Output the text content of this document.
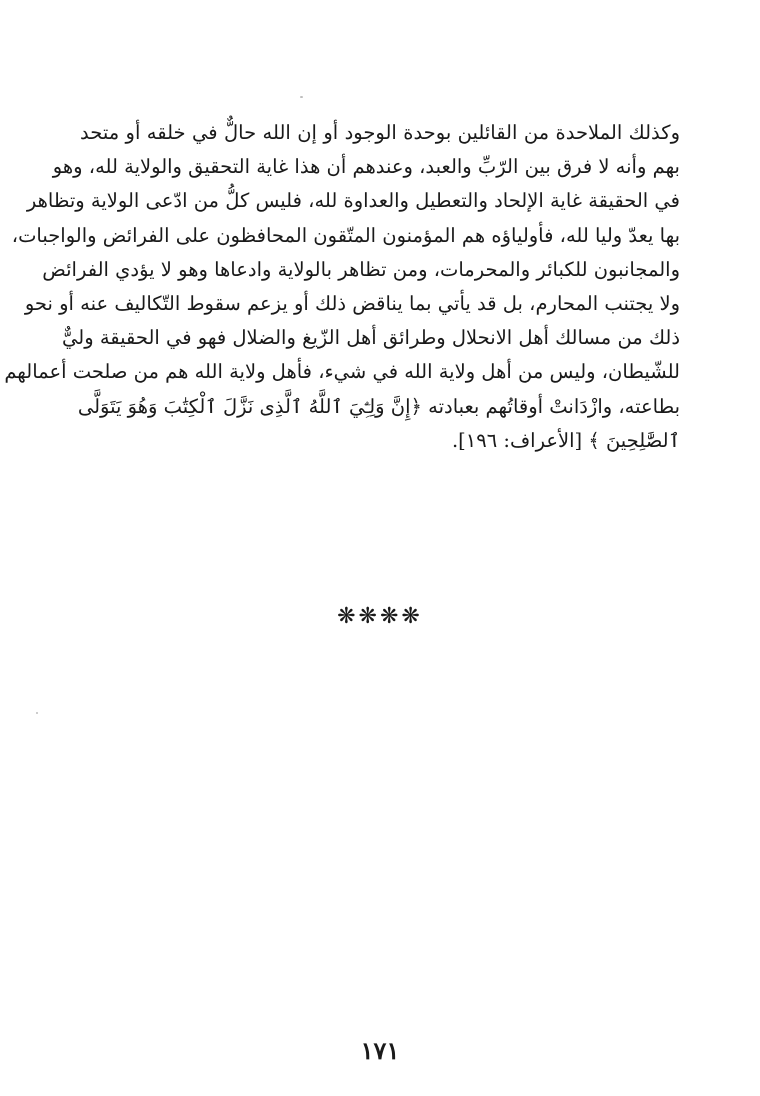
وكذلك الملاحدة من القائلين بوحدة الوجود أو إن الله حالٌّ في خلقه أو متحد
بهم وأنه لا فرق بين الرّبِّ والعبد، وعندهم أن هذا غاية التحقيق والولاية لله، وهو
في الحقيقة غاية الإلحاد والتعطيل والعداوة لله، فليس كلُّ من ادّعى الولاية وتظاهر
بها يعدّ وليا لله، فأولياؤه هم المؤمنون المتّقون المحافظون على الفرائض والواجبات،
والمجانبون للكبائر والمحرمات، ومن تظاهر بالولاية وادعاها وهو لا يؤدي الفرائض
ولا يجتنب المحارم، بل قد يأتي بما يناقض ذلك أو يزعم سقوط التّكاليف عنه أو نحو
ذلك من مسالك أهل الانحلال وطرائق أهل الزّيغ والضلال فهو في الحقيقة وليٌّ
للشّيطان، وليس من أهل ولاية الله في شيء، فأهل ولاية الله هم من صلحت أعمالهم
بطاعته، وازْدَانتْ أوقاتُهم بعبادته ﴿إِنَّ وَلِـِّۧيَ ٱللَّهُ ٱلَّذِى نَزَّلَ ٱلْكِتَٰبَ وَهُوَ يَتَوَلَّى
ٱلصَّٰلِحِينَ ﴾ [الأعراف: ١٩٦].
❋❋❋❋
١٧١
